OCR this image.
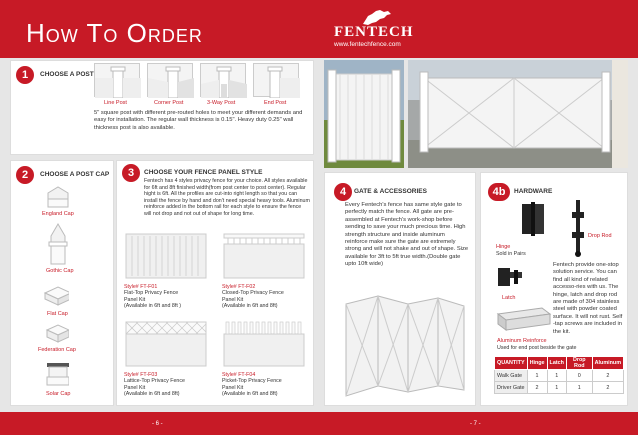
How To Order	FENTECH
www.fentechfence.com
1	CHOOSE A POST
Line Post	Corner Post	3-Way Post	End Post
5" square post with different pre-routed holes to meet your different demands and easy for installation. The regular wall thickness is 0.15". Heavy duty 0.25" wall thickness post is also available.
2	CHOOSE A POST CAP
England Cap
Gothic Cap
Flat Cap
Federation Cap
Solar Cap
3	CHOOSE YOUR FENCE PANEL STYLE
Fentech has 4 styles privacy fence for your choice. All styles available for 6ft and 8ft finished width(from post center to post center). Regular hight is 6ft. All the profiles are cut-into right length so that you can install the fence by hand and don't need special heavy tools. Aluminum reinforce added in the bottom rail for each style to ensure the fence will not drop and not out of shape for long time.
Style# FT-F01
Flat-Top Privacy Fence
Panel Kit
(Available in 6ft and 8ft )
Style# FT-F02
Closed-Top Privacy Fence
Panel Kit
(Available in 6ft and 8ft)
Style# FT-F03
Lattice-Top Privacy Fence
Panel Kit
(Available in 6ft and 8ft)
Style# FT-F04
Picket-Top Privacy Fence
Panel Kit
(Available in 6ft and 8ft)
4	GATE & ACCESSORIES
Every Fentech's fence has same style gate to perfectly match the fence. All gate are pre-assembled at Fentech's work-shop before sending to save your much precious time. High strength structure and inside aluminum reinforce make sure the gate are extremely strong and will not shake and out of shape. Size available for 3ft to 5ft true width.(Double gate upto 10ft wide)
4b	HARDWARE
Hinge
Sold in Pairs
Drop Rod
Latch
Fentech provide one-stop solution service. You can find all kind of related accesso-ries with us. The hinge, latch and drop rod are made of 304 stainless steel with powder coated surface. It will not rust. Self -tap screws are included in the kit.
Aluminum Reinforce
Used for end post beside the gate
QUANTITY	Hinge	Latch	Drop Rod	Aluminum
Walk Gate	1	1	0	2
Driver Gate	2	1	1	2
- 6 -	- 7 -
